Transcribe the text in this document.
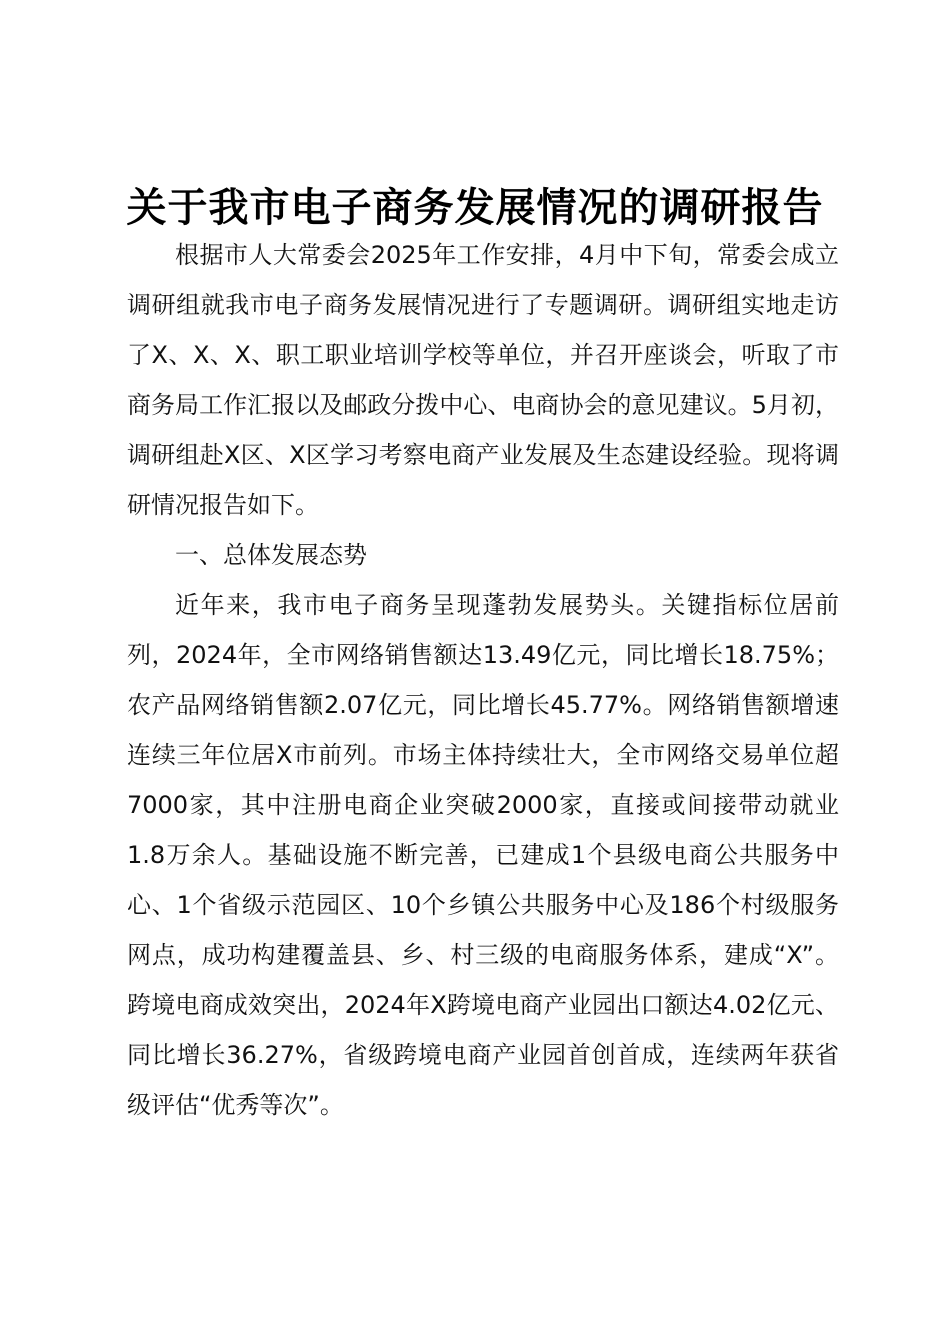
关于我市电子商务发展情况的调研报告

根据市人大常委会2025年工作安排，4月中下旬，常委会成立调研组就我市电子商务发展情况进行了专题调研。调研组实地走访了X、X、X、职工职业培训学校等单位，并召开座谈会，听取了市商务局工作汇报以及邮政分拨中心、电商协会的意见建议。5月初，调研组赴X区、X区学习考察电商产业发展及生态建设经验。现将调研情况报告如下。

一、总体发展态势

近年来，我市电子商务呈现蓬勃发展势头。关键指标位居前列，2024年，全市网络销售额达13.49亿元，同比增长18.75%；农产品网络销售额2.07亿元，同比增长45.77%。网络销售额增速连续三年位居X市前列。市场主体持续壮大，全市网络交易单位超7000家，其中注册电商企业突破2000家，直接或间接带动就业1.8万余人。基础设施不断完善，已建成1个县级电商公共服务中心、1个省级示范园区、10个乡镇公共服务中心及186个村级服务网点，成功构建覆盖县、乡、村三级的电商服务体系，建成“X”。跨境电商成效突出，2024年X跨境电商产业园出口额达4.02亿元、同比增长36.27%，省级跨境电商产业园首创首成，连续两年获省级评估“优秀等次”。
